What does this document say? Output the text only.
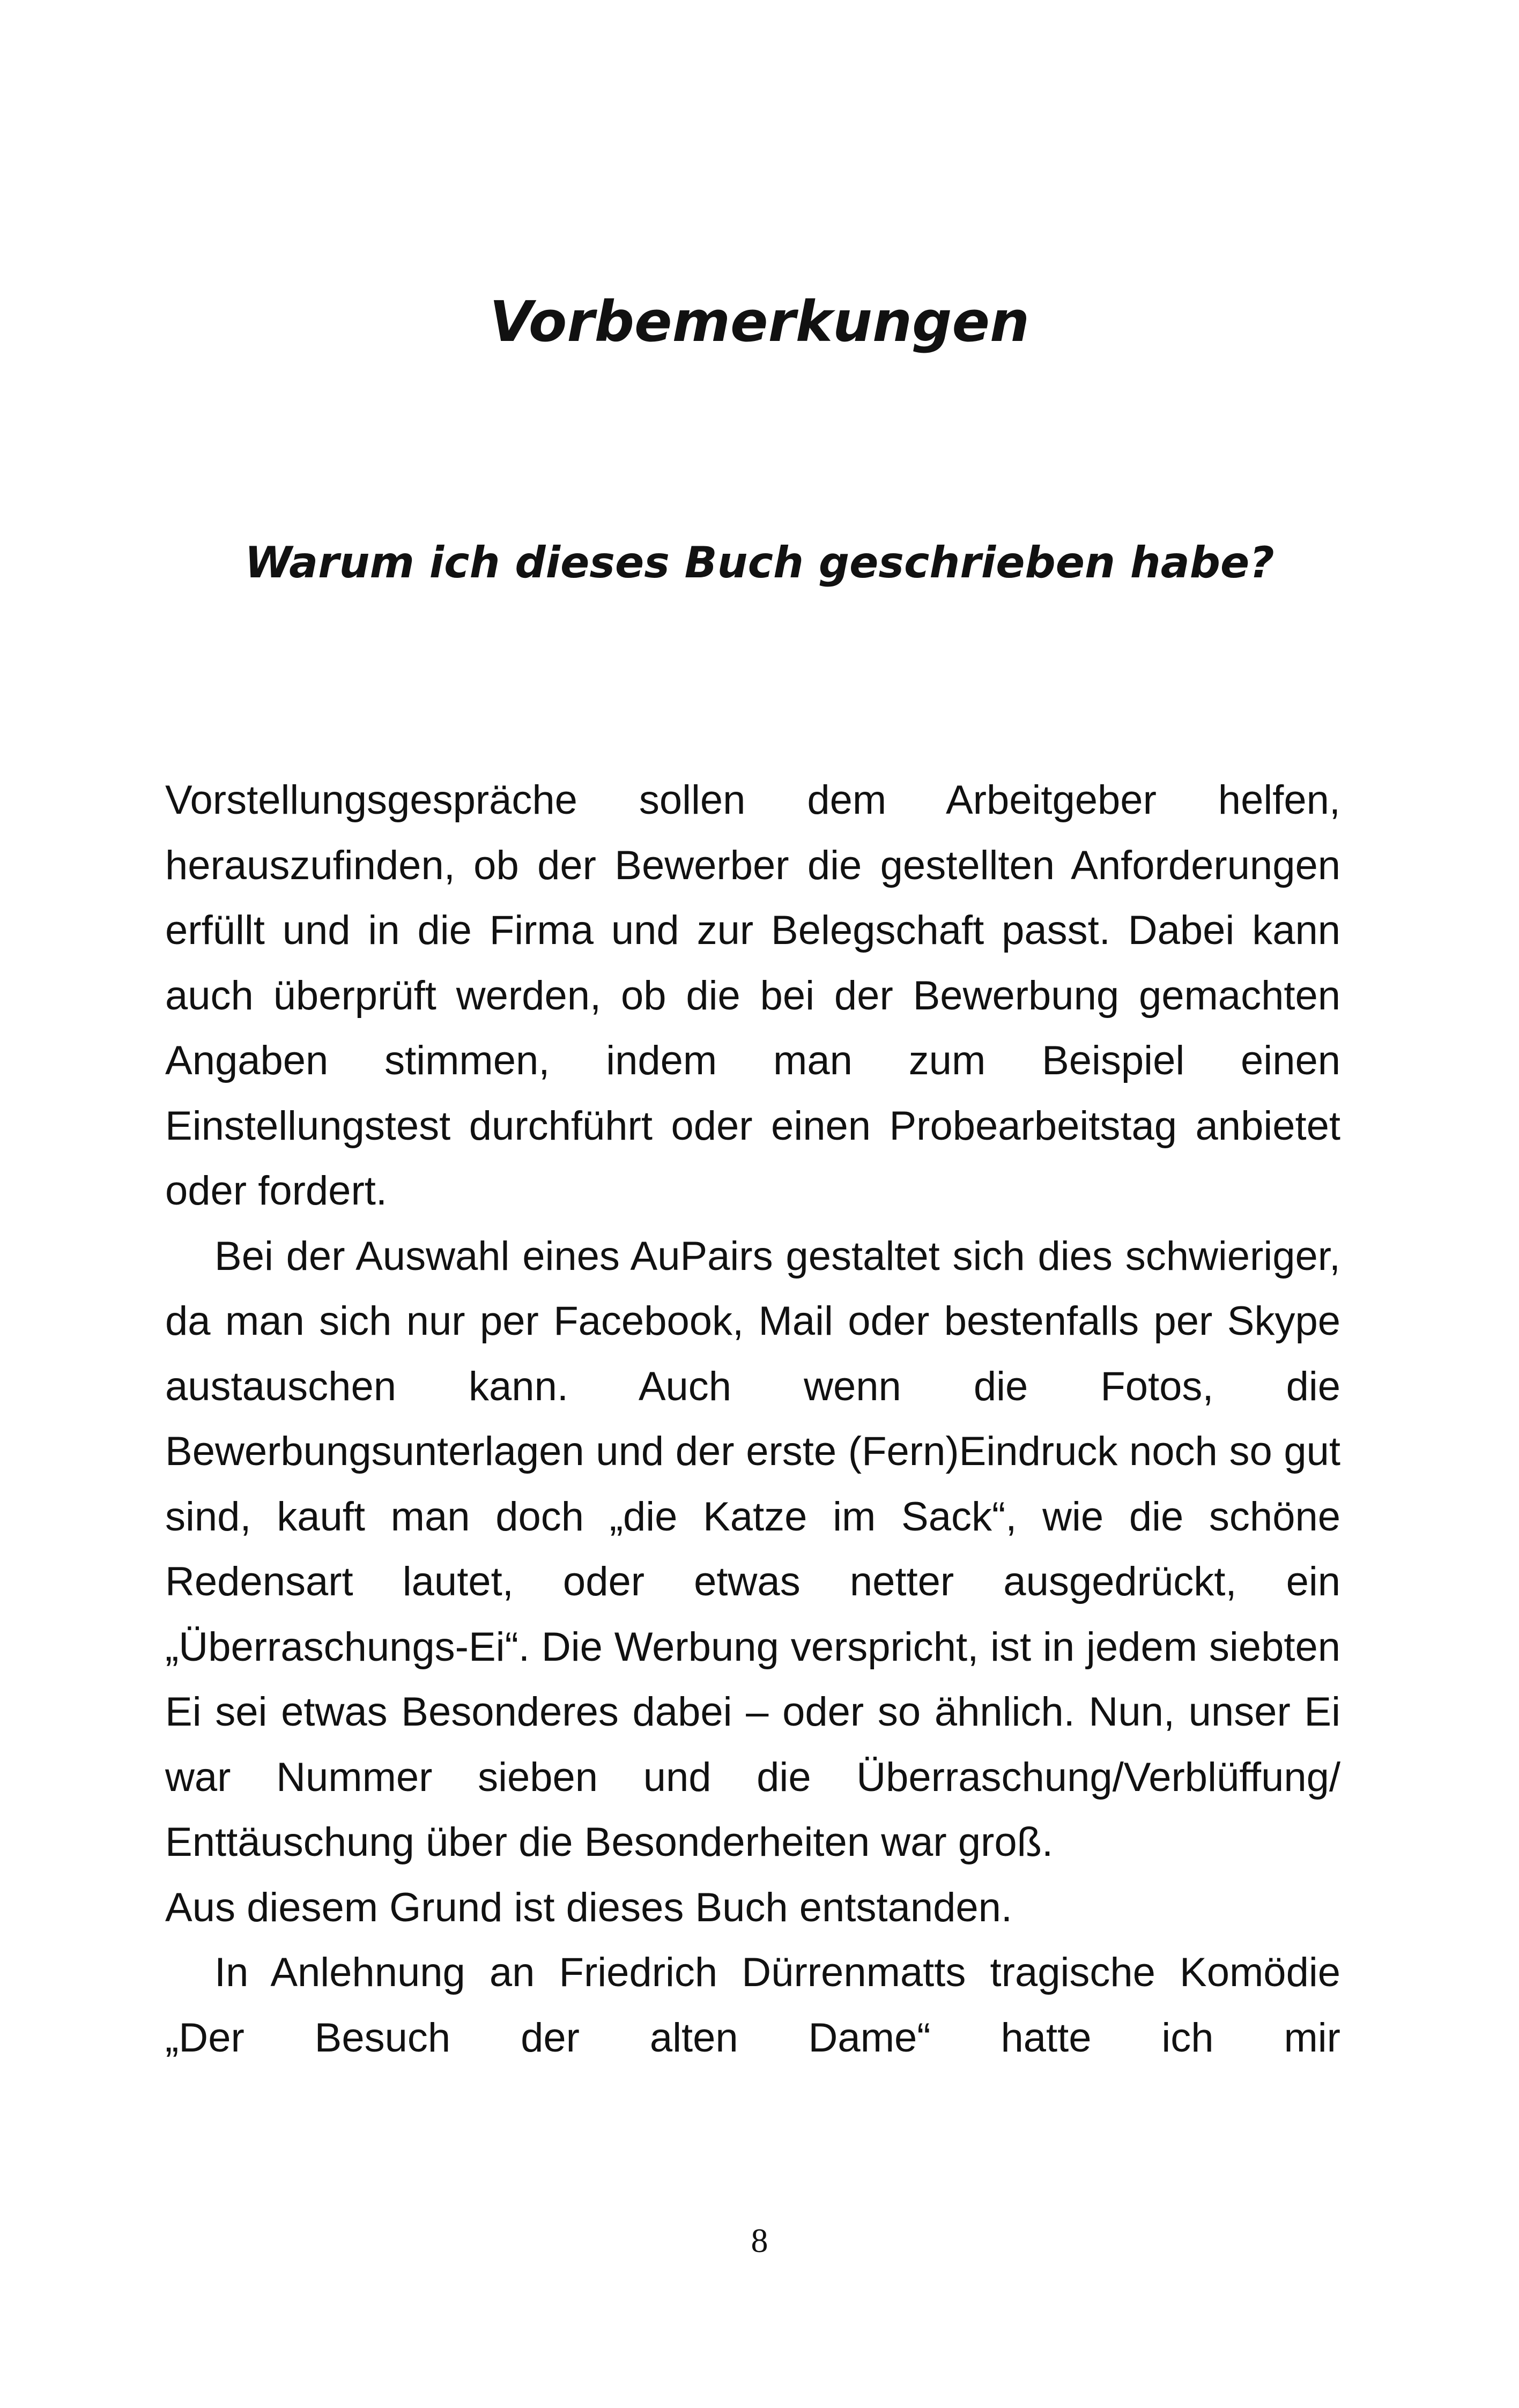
Vorbemerkungen
Warum ich dieses Buch geschrieben habe?

Vorstellungsgespräche sollen dem Arbeitgeber helfen, herauszufinden, ob der Bewerber die gestellten Anforderungen erfüllt und in die Firma und zur Belegschaft passt. Dabei kann auch überprüft werden, ob die bei der Bewerbung gemachten Angaben stimmen, indem man zum Beispiel einen Einstellungstest durchführt oder einen Probearbeitstag anbietet oder fordert.

Bei der Auswahl eines AuPairs gestaltet sich dies schwieriger, da man sich nur per Facebook, Mail oder bestenfalls per Skype austauschen kann. Auch wenn die Fotos, die Bewerbungsunterlagen und der erste (Fern)Eindruck noch so gut sind, kauft man doch „die Katze im Sack“, wie die schöne Redensart lautet, oder etwas netter ausgedrückt, ein „Überraschungs-Ei“. Die Werbung verspricht, ist in jedem siebten Ei sei etwas Besonderes dabei – oder so ähnlich. Nun, unser Ei war Nummer sieben und die Überraschung/Verblüffung/ Enttäuschung über die Besonderheiten war groß.

Aus diesem Grund ist dieses Buch entstanden.

In Anlehnung an Friedrich Dürrenmatts tragische Komödie „Der Besuch der alten Dame“ hatte ich mir

8
